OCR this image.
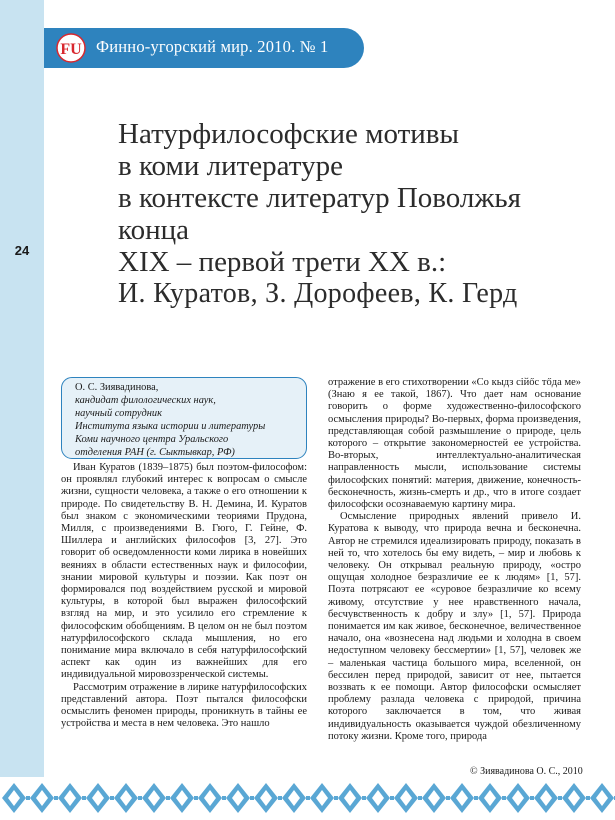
24
FU Финно-угорский мир. 2010. № 1
Натурфилософские мотивы
в коми литературе
в контексте литератур Поволжья
конца
XIX – первой трети XX в.:
И. Куратов, З. Дорофеев, К. Герд
О. С. Зиявадинова,
кандидат филологических наук,
научный сотрудник
Института языка истории и литературы
Коми научного центра Уральского
отделения РАН (г. Сыктывкар, РФ)

Иван Куратов (1839–1875) был поэтом-философом: он проявлял глубокий интерес к вопросам о смысле жизни, сущности человека, а также о его отношении к природе. По свидетельству В. Н. Демина, И. Куратов был знаком с экономическими теориями Прудона, Милля, с произведениями В. Гюго, Г. Гейне, Ф. Шиллера и английских философов [3, 27]. Это говорит об осведомленности коми лирика в новейших веяниях в области естественных наук и философии, знании мировой культуры и поэзии. Как поэт он формировался под воздействием русской и мировой культуры, в которой был выражен философский взгляд на мир, и это усилило его стремление к философским обобщениям. В целом он не был поэтом натурфилософского склада мышления, но его понимание мира включало в себя натурфилософский аспект как один из важнейших для его индивидуальной мировоззренческой системы.

Рассмотрим отражение в лирике натурфилософских представлений автора. Поэт пытался философски осмыслить феномен природы, проникнуть в тайны ее устройства и места в нем человека. Это нашло

отражение в его стихотворении «Со кыдз сійőс тőда ме» (Знаю я ее такой, 1867). Что дает нам основание говорить о форме художественно-философского осмысления природы? Во-первых, форма произведения, представляющая собой размышление о природе, цель которого – открытие закономерностей ее устройства. Во-вторых, интеллектуально-аналитическая направленность мысли, использование системы философских понятий: материя, движение, конечность-бесконечность, жизнь-смерть и др., что в итоге создает философски осознаваемую картину мира.

Осмысление природных явлений привело И. Куратова к выводу, что природа вечна и бесконечна. Автор не стремился идеализировать природу, показать в ней то, что хотелось бы ему видеть, – мир и любовь к человеку. Он открывал реальную природу, «остро ощущая холодное безразличие ее к людям» [1, 57]. Поэта потрясают ее «суровое безразличие ко всему живому, отсутствие у нее нравственного начала, бесчувственность к добру и злу» [1, 57]. Природа понимается им как живое, бесконечное, величественное начало, она «вознесена над людьми и холодна в своем недоступном человеку бессмертии» [1, 57], человек же – маленькая частица большого мира, вселенной, он бессилен перед природой, зависит от нее, пытается воззвать к ее помощи. Автор философски осмысляет проблему разлада человека с природой, причина которого заключается в том, что живая индивидуальность оказывается чуждой обезличенному потоку жизни. Кроме того, природа

© Зиявадинова О. С., 2010
